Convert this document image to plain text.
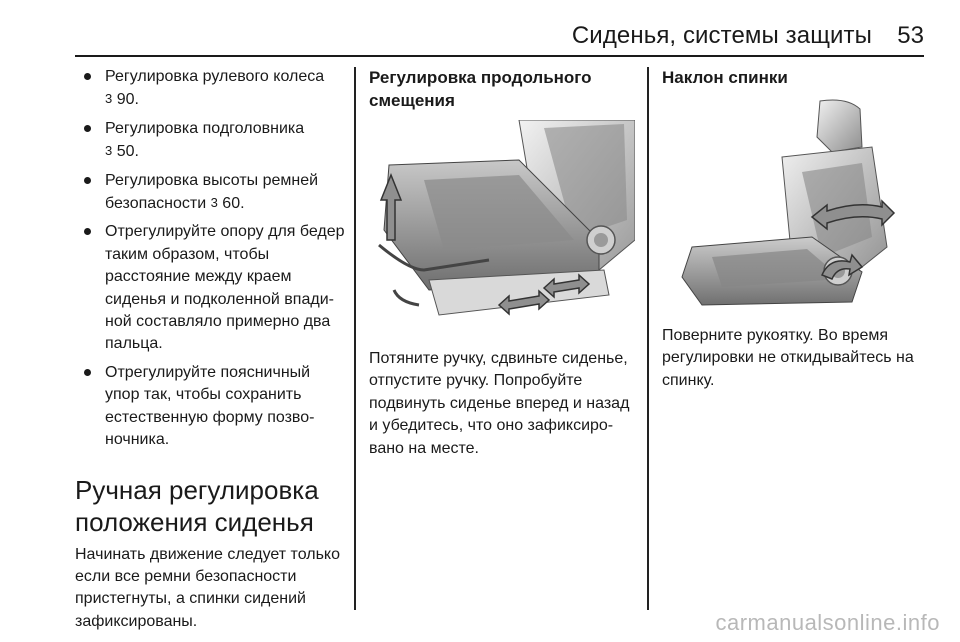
Сиденья, системы защиты 53
Регулировка рулевого колеса
3 90.
Регулировка подголовника
3 50.
Регулировка высоты ремней безопасности 3 60.
Отрегулируйте опору для бедер таким образом, чтобы расстояние между краем сиденья и подколенной впадиной составляло примерно два пальца.
Отрегулируйте поясничный упор так, чтобы сохранить естественную форму позвоночника.
Ручная регулировка положения сиденья
Начинать движение следует только если все ремни безопасности пристегнуты, а спинки сидений зафиксированы.
Регулировка продольного смещения
Потяните ручку, сдвиньте сиденье, отпустите ручку. Попробуйте подвинуть сиденье вперед и назад и убедитесь, что оно зафиксировано на месте.
Наклон спинки
Поверните рукоятку. Во время регулировки не откидывайтесь на спинку.
carmanualsonline.info
